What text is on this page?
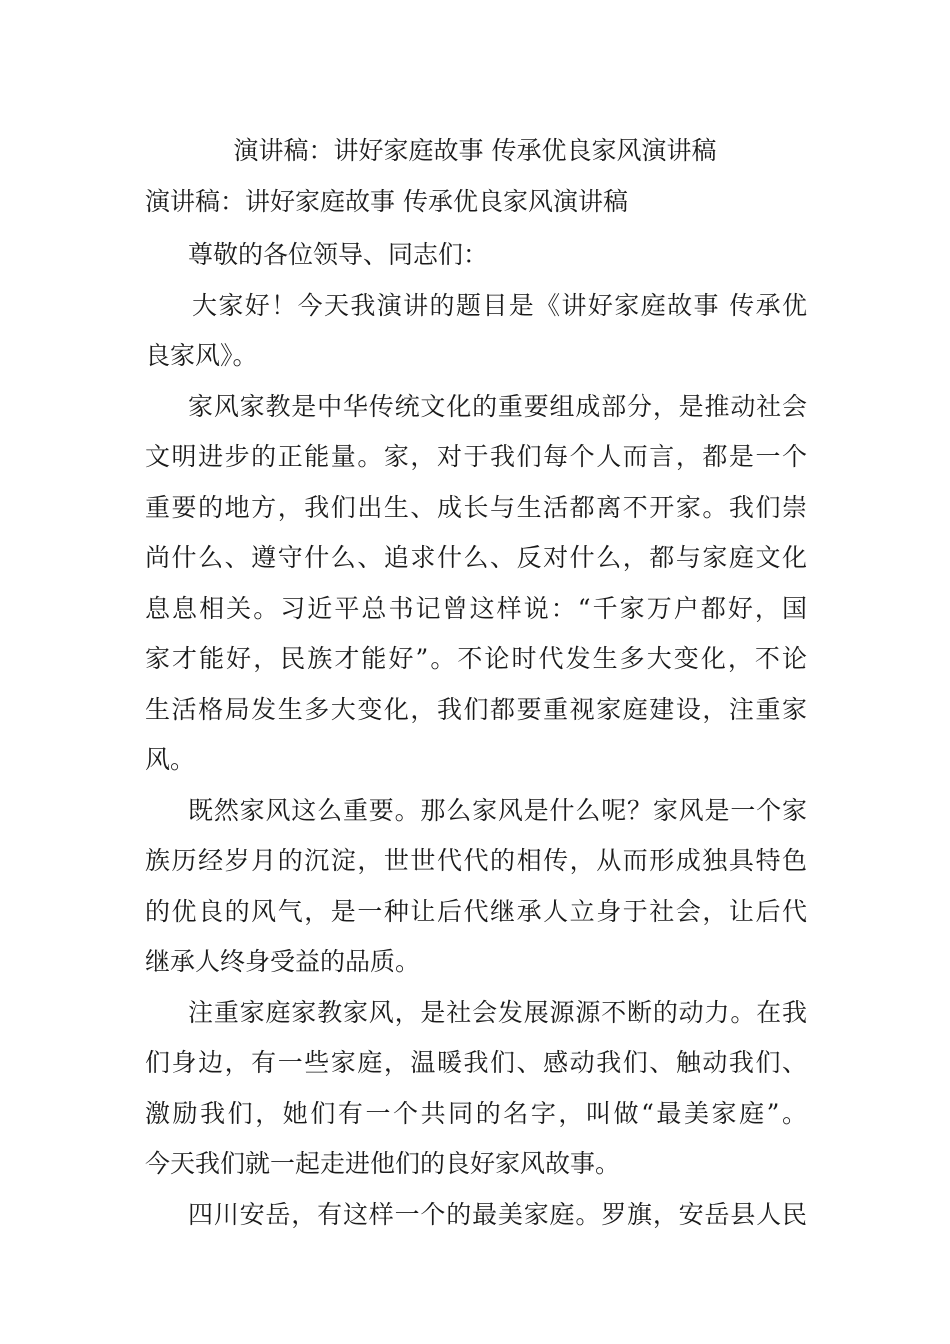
演讲稿：讲好家庭故事 传承优良家风演讲稿
演讲稿：讲好家庭故事 传承优良家风演讲稿

尊敬的各位领导、同志们：

大家好！今天我演讲的题目是《讲好家庭故事 传承优
良家风》。
家风家教是中华传统文化的重要组成部分，是推动社会
文明进步的正能量。家，对于我们每个人而言，都是一个
重要的地方，我们出生、成长与生活都离不开家。我们崇
尚什么、遵守什么、追求什么、反对什么，都与家庭文化
息息相关。习近平总书记曾这样说：“千家万户都好，国
家才能好，民族才能好”。不论时代发生多大变化，不论
生活格局发生多大变化，我们都要重视家庭建设，注重家
风。
既然家风这么重要。那么家风是什么呢？家风是一个家
族历经岁月的沉淀，世世代代的相传，从而形成独具特色
的优良的风气，是一种让后代继承人立身于社会，让后代
继承人终身受益的品质。
注重家庭家教家风，是社会发展源源不断的动力。在我
们身边，有一些家庭，温暖我们、感动我们、触动我们、
激励我们，她们有一个共同的名字，叫做“最美家庭”。
今天我们就一起走进他们的良好家风故事。
四川安岳，有这样一个的最美家庭。罗旗，安岳县人民
